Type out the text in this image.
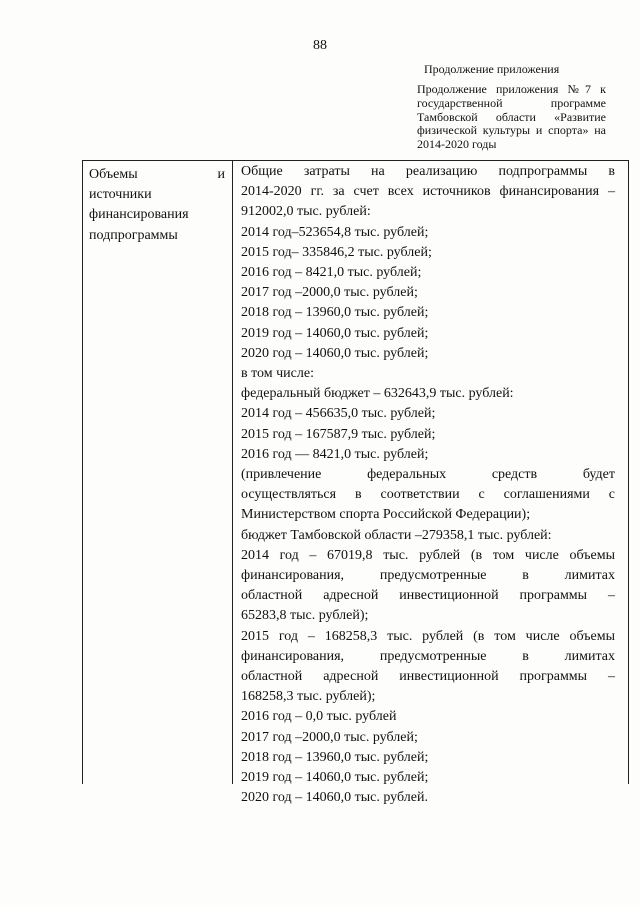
88
Продолжение приложения
Продолжение приложения №7 к государственной программе Тамбовской области «Развитие физической культуры и спорта» на 2014-2020 годы
Объемы и
источники
финансирования
подпрограммы
Общие затраты на реализацию подпрограммы в
2014-2020 гг. за счет всех источников финансирования –
912002,0 тыс. рублей:
2014 год–523654,8 тыс. рублей;
2015 год– 335846,2 тыс. рублей;
2016 год – 8421,0 тыс. рублей;
2017 год –2000,0 тыс. рублей;
2018 год – 13960,0 тыс. рублей;
2019 год – 14060,0 тыс. рублей;
2020 год – 14060,0 тыс. рублей;
в том числе:
федеральный бюджет – 632643,9 тыс. рублей:
2014 год – 456635,0 тыс. рублей;
2015 год – 167587,9 тыс. рублей;
2016 год — 8421,0 тыс. рублей;
(привлечение федеральных средств будет
осуществляться в соответствии с соглашениями с
Министерством спорта Российской Федерации);
бюджет Тамбовской области –279358,1 тыс. рублей:
2014 год – 67019,8 тыс. рублей (в том числе объемы
финансирования, предусмотренные в лимитах
областной адресной инвестиционной программы –
65283,8 тыс. рублей);
2015 год – 168258,3 тыс. рублей (в том числе объемы
финансирования, предусмотренные в лимитах
областной адресной инвестиционной программы –
168258,3 тыс. рублей);
2016 год – 0,0 тыс. рублей
2017 год –2000,0 тыс. рублей;
2018 год – 13960,0 тыс. рублей;
2019 год – 14060,0 тыс. рублей;
2020 год – 14060,0 тыс. рублей.
